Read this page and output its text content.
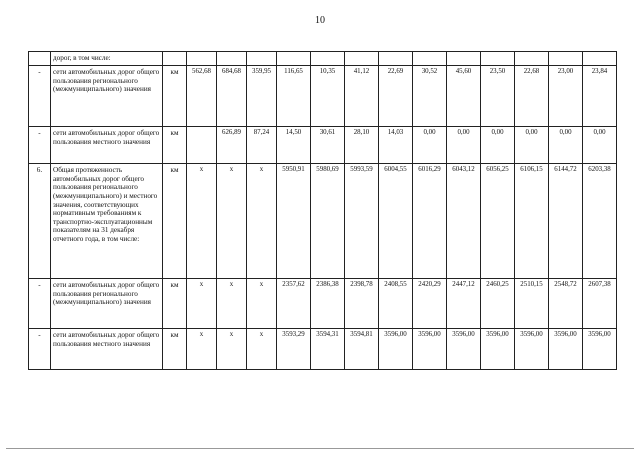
10
	дорог, в том числе:														
-	сети автомобильных дорог общего пользования регионального (межмуниципального) значения	км	562,68	684,68	359,95	116,65	10,35	41,12	22,69	30,52	45,60	23,50	22,68	23,00	23,84
-	сети автомобильных дорог общего пользования местного значения	км		626,89	87,24	14,50	30,61	28,10	14,03	0,00	0,00	0,00	0,00	0,00	0,00
6.	Общая протяженность автомобильных дорог общего пользования регионального (межмуниципального) и местного значения, соответствующих нормативным требованиям к транспортно-эксплуатационным показателям на 31 декабря отчетного года, в том числе:	км	x	x	x	5950,91	5980,69	5993,59	6004,55	6016,29	6043,12	6056,25	6106,15	6144,72	6203,38
-	сети автомобильных дорог общего пользования регионального (межмуниципального) значения	км	x	x	x	2357,62	2386,38	2398,78	2408,55	2420,29	2447,12	2460,25	2510,15	2548,72	2607,38
-	сети автомобильных дорог общего пользования местного значения	км	x	x	x	3593,29	3594,31	3594,81	3596,00	3596,00	3596,00	3596,00	3596,00	3596,00	3596,00
